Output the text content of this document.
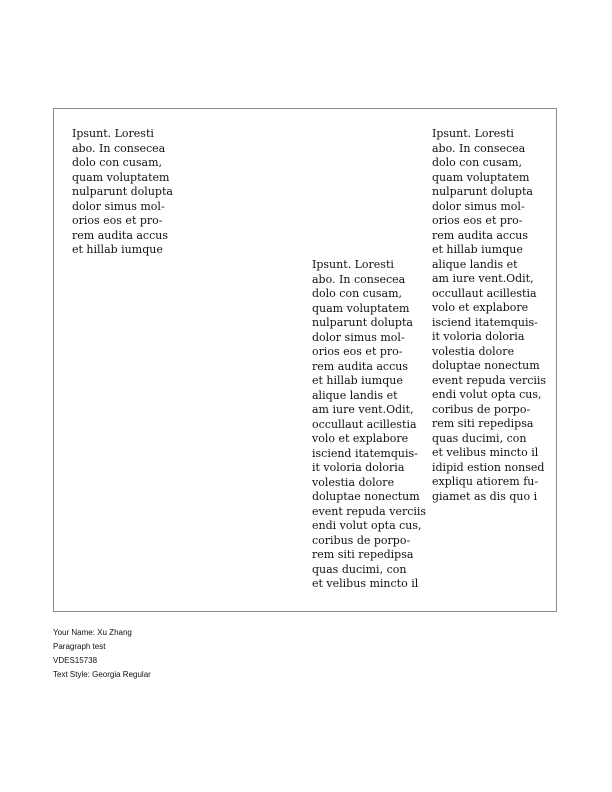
Ipsunt. Loresti
abo. In consecea
dolo con cusam,
quam voluptatem
nulparunt dolupta
dolor simus mol-
orios eos et pro-
rem audita accus
et hillab iumque
Ipsunt. Loresti
abo. In consecea
dolo con cusam,
quam voluptatem
nulparunt dolupta
dolor simus mol-
orios eos et pro-
rem audita accus
et hillab iumque
alique landis et
am iure vent.Odit,
occullaut acillestia
volo et explabore
isciend itatemquis-
it voloria doloria
volestia dolore
doluptae nonectum
event repuda verciis
endi volut opta cus,
coribus de porpo-
rem siti repedipsa
quas ducimi, con
et velibus mincto il
Ipsunt. Loresti
abo. In consecea
dolo con cusam,
quam voluptatem
nulparunt dolupta
dolor simus mol-
orios eos et pro-
rem audita accus
et hillab iumque
alique landis et
am iure vent.Odit,
occullaut acillestia
volo et explabore
isciend itatemquis-
it voloria doloria
volestia dolore
doluptae nonectum
event repuda verciis
endi volut opta cus,
coribus de porpo-
rem siti repedipsa
quas ducimi, con
et velibus mincto il
idipid estion nonsed
expliqu atiorem fu-
giamet as dis quo i
Your Name: Xu Zhang
Paragraph test
VDES15738
Text Style: Georgia Regular
